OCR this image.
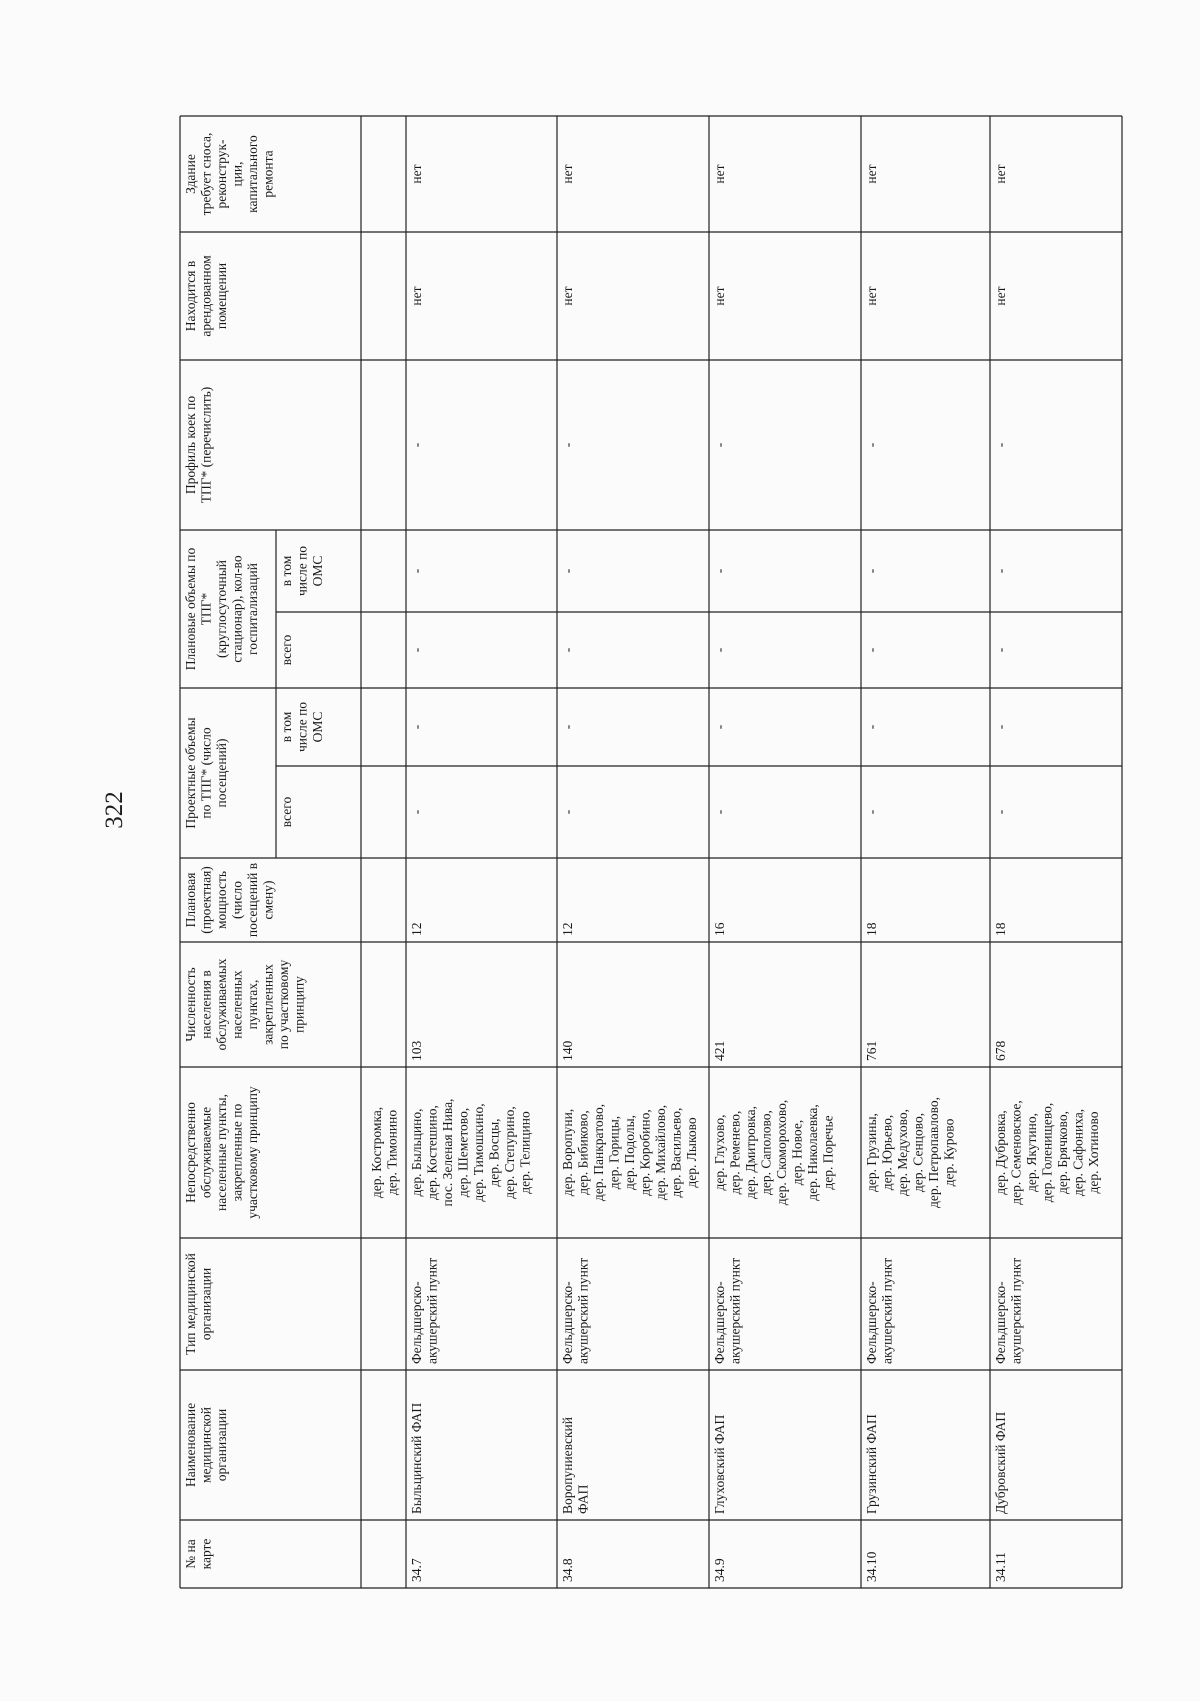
322
№ на карте
Наименование медицинской организации
Тип медицинской организации
Непосредственно обслуживаемые населенные пункты, закрепленные по участковому принципу
Численность населения в обслуживаемых населенных пунктах, закрепленных по участковому принципу
Плановая (проектная) мощность (число посещений в смену)
Проектные объемы по ТПГ* (число посещений)
всего
в том числе по ОМС
Плановые объемы по ТПГ* (круглосуточный стационар), кол-во госпитализаций всего
в том числе по ОМС
Профиль коек по ТПГ* (перечислить)
Находится в арендованном помещении
Здание требует сноса, реконструк- ции, капитального ремонта
дер. Костромка, дер. Тимонино
34.7
Быльцинский ФАП
Фельдшерско- акушерский пункт
дер. Быльцино, дер. Костешино, пос. Зеленая Нива, дер. Шеметово, дер. Тимошкино, дер. Восцы, дер. Степурино, дер. Телицино
103
12
-
-
-
-
-
нет
нет
34.8
Воропуниевский ФАП
Фельдшерско- акушерский пункт
дер. Воропуни, дер. Бибиково, дер. Панкратово, дер. Горицы, дер. Подолы, дер. Коробино, дер. Михайлово, дер. Васильево, дер. Лыково
140
12
-
-
-
-
-
нет
нет
34.9
Глуховский ФАП
Фельдшерско- акушерский пункт
дер. Глухово, дер. Ременево, дер. Дмитровка, дер. Саполово, дер. Скоморохово, дер. Новое, дер. Николаевка, дер. Поречье
421
16
-
-
-
-
-
нет
нет
34.10
Грузинский ФАП
Фельдшерско- акушерский пункт
дер. Грузины, дер. Юрьево, дер. Медухово, дер. Сенцово, дер. Петропавлово, дер. Курово
761
18
-
-
-
-
-
нет
нет
34.11
Дубровский ФАП
Фельдшерско- акушерский пункт
дер. Дубровка, дер. Семеновское, дер. Якутино, дер. Голенищево, дер. Брячково, дер. Сафониха, дер. Хотиново
678
18
-
-
-
-
-
нет
нет
